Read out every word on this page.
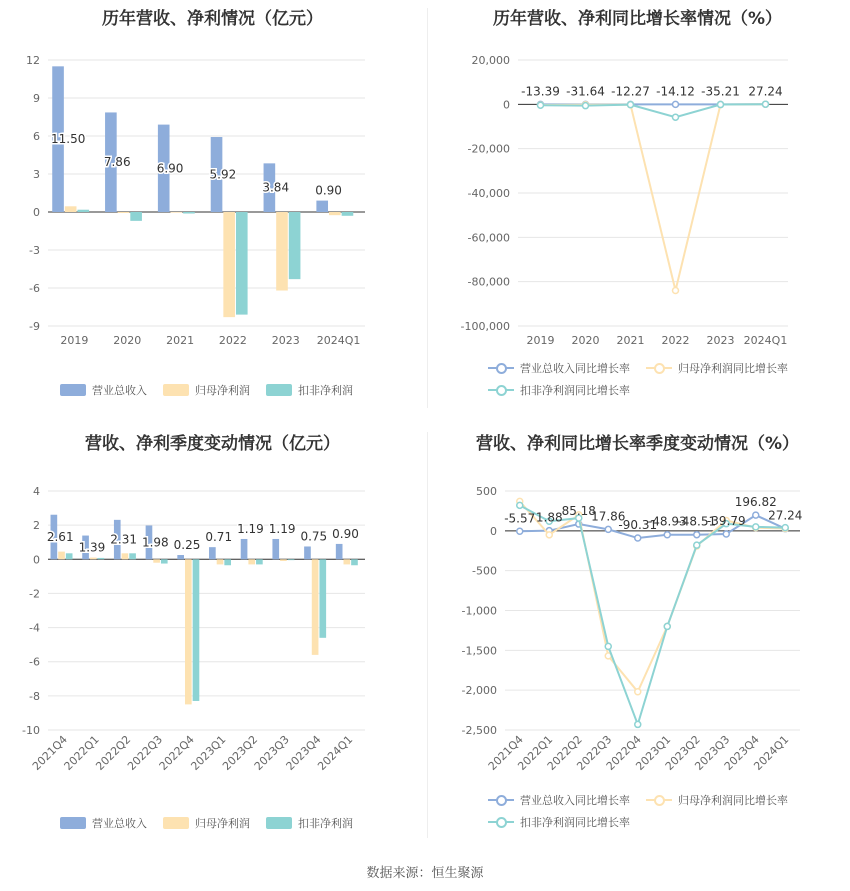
历年营收、净利情况（亿元）
12
9
6
3
0
-3
-6
-9
2019 2020 2021 2022 2023 2024Q1
11.50
7.86 6.90 5.92
3.84 0.90
营业总收入	归母净利润	扣非净利润
历年营收、净利同比增长率情况（%）
20,000
0
-20,000
-40,000
-60,000
-80,000
-100,000
2019 2020 2021 2022 2023 2024Q1
-13.39 -31.64 -12.27 -14.12 -35.21 27.24
营业总收入同比增长率	归母净利润同比增长率
扣非净利润同比增长率
营收、净利季度变动情况（亿元）
4
2
0
-2
-4
-6
-8
-10
2021Q4
2022Q1
2022Q2
2022Q3
2022Q4
2023Q1
2023Q2
2023Q3
2023Q4
2024Q1
2.61
1.39
2.31 1.98 0.25
0.71
1.19 1.19
0.75 0.90
营业总收入	归母净利润	扣非净利润
营收、净利同比增长率季度变动情况（%）
500
0
-500
-1,000
-1,500
-2,000
-2,500
2021Q4
2022Q1
2022Q2
2022Q3
2022Q4
2023Q1
2023Q2
2023Q3
2023Q4
2024Q1
-5.57 1.88
85.18
17.86
-90.31
-48.93
-48.51
-39.79
196.82
27.24
营业总收入同比增长率	归母净利润同比增长率
扣非净利润同比增长率
数据来源：恒生聚源
